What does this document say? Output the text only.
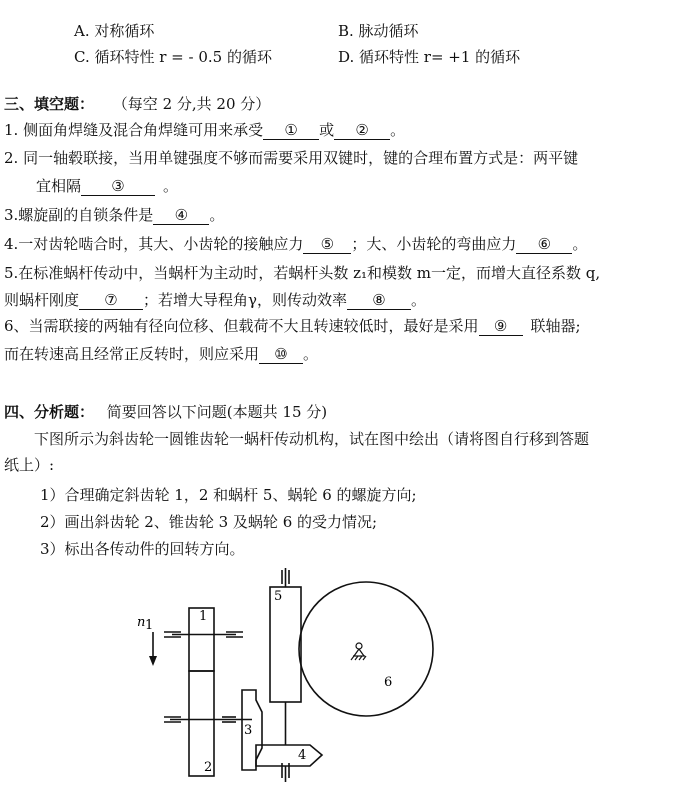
A. 对称循环	B. 脉动循环
C. 循环特性 r = - 0.5 的循环	D. 循环特性 r= +1 的循环
三、填空题： （每空 2 分,共 20 分）
1. 侧面角焊缝及混合角焊缝可用来承受 ① 或 ② 。
2. 同一轴毂联接，当用单键强度不够而需要采用双键时，键的合理布置方式是：两平键
宜相隔 ③	。
3.螺旋副的自锁条件是 ④ 。
4.一对齿轮啮合时，其大、小齿轮的接触应力 ⑤ ；大、小齿轮的弯曲应力 ⑥ 。
5.在标准蜗杆传动中，当蜗杆为主动时，若蜗杆头数 z₁和模数 m一定，而增大直径系数 q,
则蜗杆刚度 ⑦ ；若增大导程角γ，则传动效率 ⑧ 。
6、当需联接的两轴有径向位移、但载荷不大且转速较低时，最好是采用 ⑨ 联轴器;
而在转速高且经常正反转时，则应采用 ⑩ 。
四、分析题： 简要回答以下问题(本题共 15 分)
下图所示为斜齿轮一圆锥齿轮一蜗杆传动机构，试在图中绘出（请将图自行移到答题
纸上）:
1）合理确定斜齿轮 1，2 和蜗杆 5、蜗轮 6 的螺旋方向;
2）画出斜齿轮 2、锥齿轮 3 及蜗轮 6 的受力情况;
3）标出各传动件的回转方向。
n 1
1
2
3
4
5
6
